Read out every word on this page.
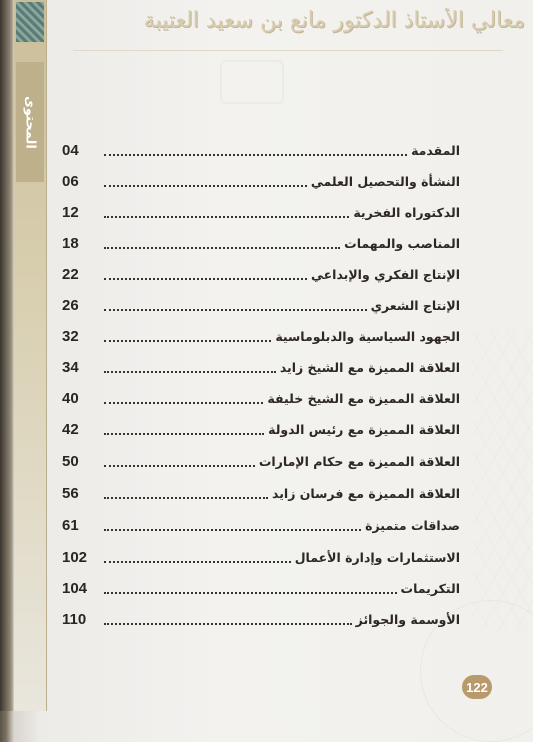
المحتوى
معالي الأستاذ الدكتور مانع بن سعيد العتيبة
04	المقدمة
06	النشأة والتحصيل العلمي
12	الدكتوراه الفخرية
18	المناصب والمهمات
22	الإنتاج الفكري والإبداعي
26	الإنتاج الشعري
32	الجهود السياسية والدبلوماسية
34	العلاقة المميزة مع الشيخ زايد
40	العلاقة المميزة مع الشيخ خليفة
42	العلاقة المميزة مع رئيس الدولة
50	العلاقة المميزة مع حكام الإمارات
56	العلاقة المميزة مع فرسان زايد
61	صداقات متميزة
102	الاستثمارات وإدارة الأعمال
104	التكريمات
110	الأوسمة والجوائز
122
